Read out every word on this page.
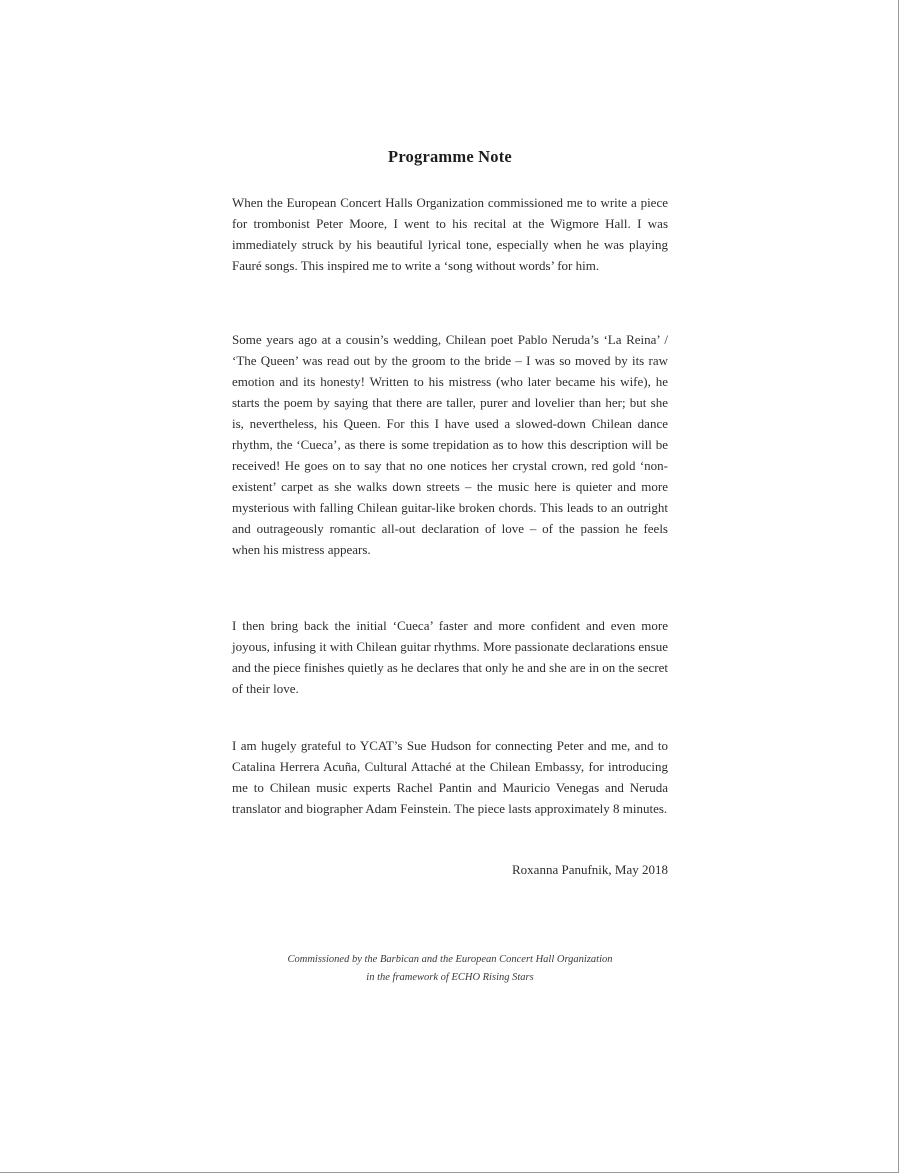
Programme Note

When the European Concert Halls Organization commissioned me to write a piece for trombonist Peter Moore, I went to his recital at the Wigmore Hall. I was immediately struck by his beautiful lyrical tone, especially when he was playing Fauré songs. This inspired me to write a ‘song without words’ for him.

Some years ago at a cousin’s wedding, Chilean poet Pablo Neruda’s ‘La Reina’ / ‘The Queen’ was read out by the groom to the bride – I was so moved by its raw emotion and its honesty! Written to his mistress (who later became his wife), he starts the poem by saying that there are taller, purer and lovelier than her; but she is, nevertheless, his Queen. For this I have used a slowed-down Chilean dance rhythm, the ‘Cueca’, as there is some trepidation as to how this description will be received! He goes on to say that no one notices her crystal crown, red gold ‘non-existent’ carpet as she walks down streets – the music here is quieter and more mysterious with falling Chilean guitar-like broken chords. This leads to an outright and outrageously romantic all-out declaration of love – of the passion he feels when his mistress appears.

I then bring back the initial ‘Cueca’ faster and more confident and even more joyous, infusing it with Chilean guitar rhythms. More passionate declarations ensue and the piece finishes quietly as he declares that only he and she are in on the secret of their love.

I am hugely grateful to YCAT’s Sue Hudson for connecting Peter and me, and to Catalina Herrera Acuña, Cultural Attaché at the Chilean Embassy, for introducing me to Chilean music experts Rachel Pantin and Mauricio Venegas and Neruda translator and biographer Adam Feinstein. The piece lasts approximately 8 minutes.

Roxanna Panufnik, May 2018
Commissioned by the Barbican and the European Concert Hall Organization
in the framework of ECHO Rising Stars
